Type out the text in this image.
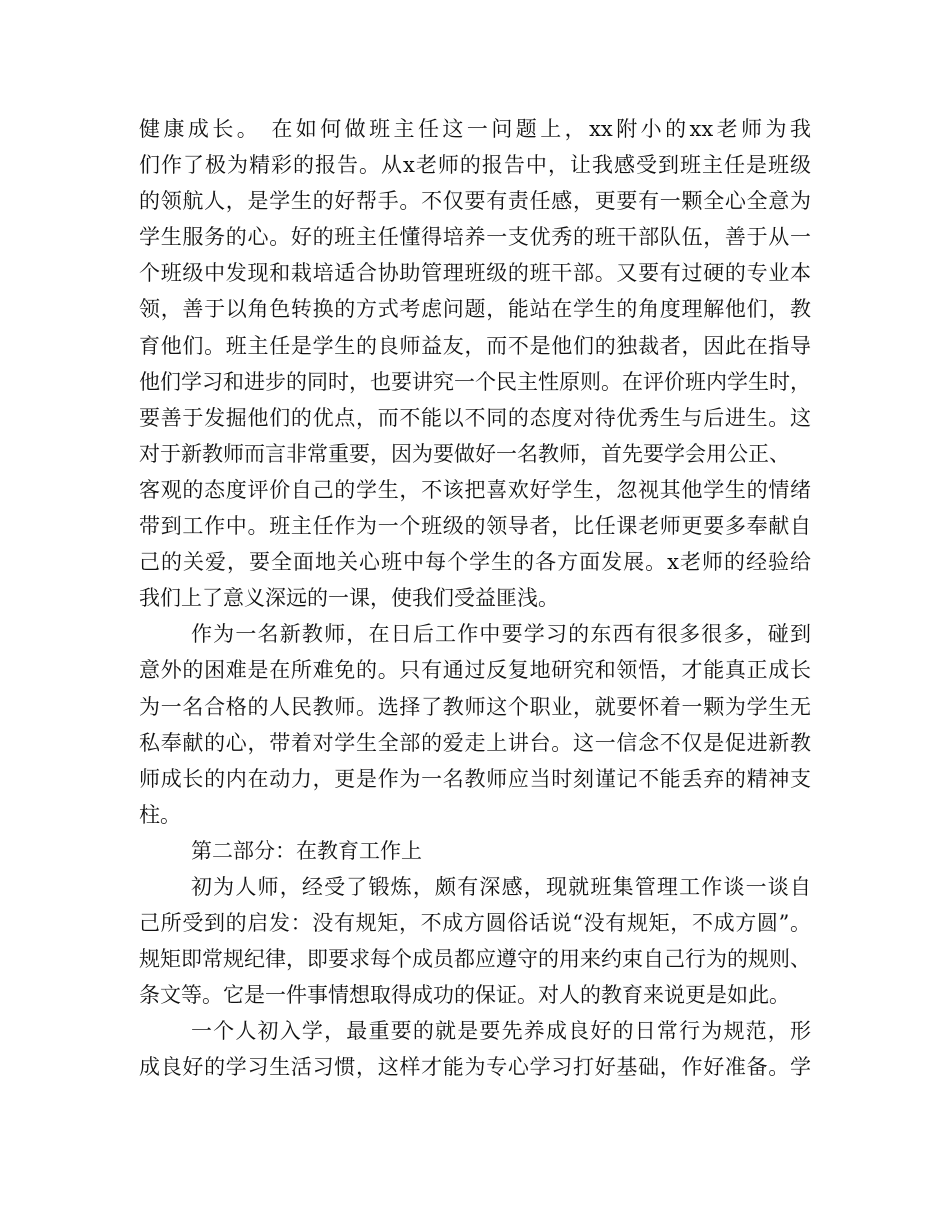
健康成长。 在如何做班主任这一问题上，xx附小的xx老师为我
们作了极为精彩的报告。从x老师的报告中，让我感受到班主任是班级
的领航人，是学生的好帮手。不仅要有责任感，更要有一颗全心全意为
学生服务的心。好的班主任懂得培养一支优秀的班干部队伍，善于从一
个班级中发现和栽培适合协助管理班级的班干部。又要有过硬的专业本
领，善于以角色转换的方式考虑问题，能站在学生的角度理解他们，教
育他们。班主任是学生的良师益友，而不是他们的独裁者，因此在指导
他们学习和进步的同时，也要讲究一个民主性原则。在评价班内学生时，
要善于发掘他们的优点，而不能以不同的态度对待优秀生与后进生。这
对于新教师而言非常重要，因为要做好一名教师，首先要学会用公正、
客观的态度评价自己的学生，不该把喜欢好学生，忽视其他学生的情绪
带到工作中。班主任作为一个班级的领导者，比任课老师更要多奉献自
己的关爱，要全面地关心班中每个学生的各方面发展。x老师的经验给
我们上了意义深远的一课，使我们受益匪浅。
作为一名新教师，在日后工作中要学习的东西有很多很多，碰到
意外的困难是在所难免的。只有通过反复地研究和领悟，才能真正成长
为一名合格的人民教师。选择了教师这个职业，就要怀着一颗为学生无
私奉献的心，带着对学生全部的爱走上讲台。这一信念不仅是促进新教
师成长的内在动力，更是作为一名教师应当时刻谨记不能丢弃的精神支
柱。
第二部分：在教育工作上
初为人师，经受了锻炼，颇有深感，现就班集管理工作谈一谈自
己所受到的启发：没有规矩，不成方圆俗话说“没有规矩，不成方圆”。
规矩即常规纪律，即要求每个成员都应遵守的用来约束自己行为的规则、
条文等。它是一件事情想取得成功的保证。对人的教育来说更是如此。
一个人初入学，最重要的就是要先养成良好的日常行为规范，形
成良好的学习生活习惯，这样才能为专心学习打好基础，作好准备。学
